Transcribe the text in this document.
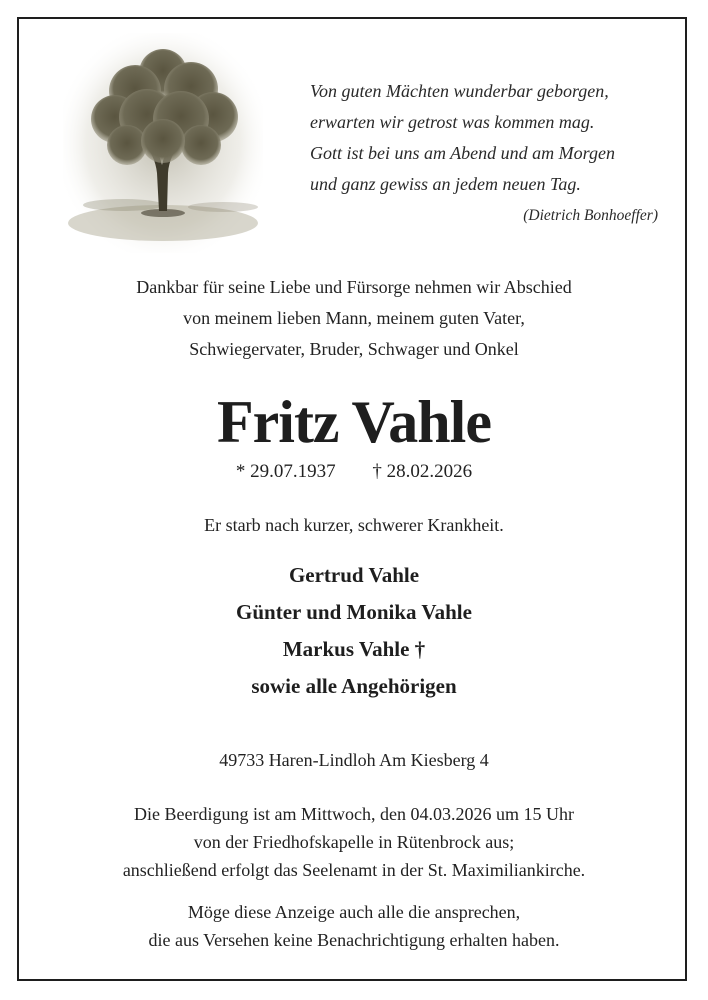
Von guten Mächten wunderbar geborgen,
erwarten wir getrost was kommen mag.
Gott ist bei uns am Abend und am Morgen
und ganz gewiss an jedem neuen Tag.
(Dietrich Bonhoeffer)
Dankbar für seine Liebe und Fürsorge nehmen wir Abschied
von meinem lieben Mann, meinem guten Vater,
Schwiegervater, Bruder, Schwager und Onkel
Fritz Vahle
* 29.07.1937 † 28.02.2026
Er starb nach kurzer, schwerer Krankheit.
Gertrud Vahle
Günter und Monika Vahle
Markus Vahle †
sowie alle Angehörigen
49733 Haren-Lindloh Am Kiesberg 4
Die Beerdigung ist am Mittwoch, den 04.03.2026 um 15 Uhr
von der Friedhofskapelle in Rütenbrock aus;
anschließend erfolgt das Seelenamt in der St. Maximiliankirche.
Möge diese Anzeige auch alle die ansprechen,
die aus Versehen keine Benachrichtigung erhalten haben.
